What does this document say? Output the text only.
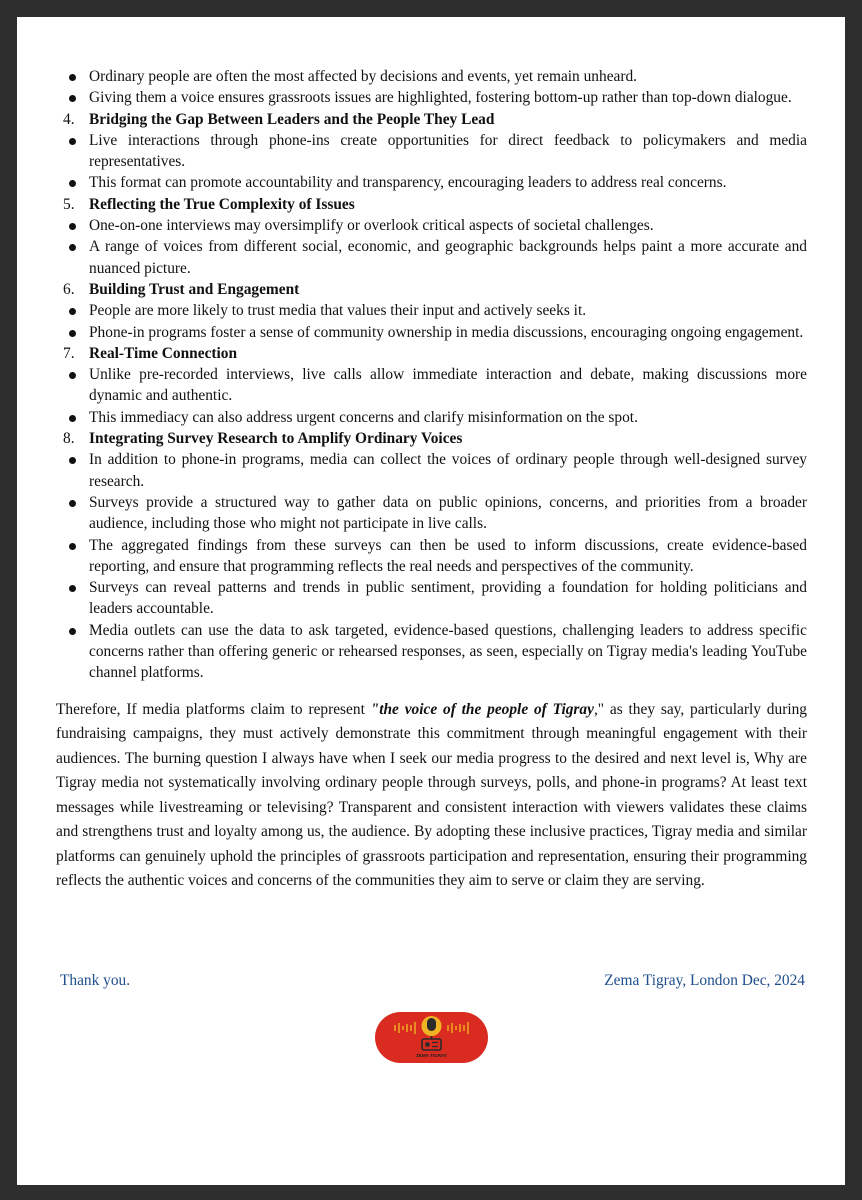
Ordinary people are often the most affected by decisions and events, yet remain unheard.
Giving them a voice ensures grassroots issues are highlighted, fostering bottom-up rather than top-down dialogue.
4. Bridging the Gap Between Leaders and the People They Lead
Live interactions through phone-ins create opportunities for direct feedback to policymakers and media representatives.
This format can promote accountability and transparency, encouraging leaders to address real concerns.
5. Reflecting the True Complexity of Issues
One-on-one interviews may oversimplify or overlook critical aspects of societal challenges.
A range of voices from different social, economic, and geographic backgrounds helps paint a more accurate and nuanced picture.
6. Building Trust and Engagement
People are more likely to trust media that values their input and actively seeks it.
Phone-in programs foster a sense of community ownership in media discussions, encouraging ongoing engagement.
7. Real-Time Connection
Unlike pre-recorded interviews, live calls allow immediate interaction and debate, making discussions more dynamic and authentic.
This immediacy can also address urgent concerns and clarify misinformation on the spot.
8. Integrating Survey Research to Amplify Ordinary Voices
In addition to phone-in programs, media can collect the voices of ordinary people through well-designed survey research.
Surveys provide a structured way to gather data on public opinions, concerns, and priorities from a broader audience, including those who might not participate in live calls.
The aggregated findings from these surveys can then be used to inform discussions, create evidence-based reporting, and ensure that programming reflects the real needs and perspectives of the community.
Surveys can reveal patterns and trends in public sentiment, providing a foundation for holding politicians and leaders accountable.
Media outlets can use the data to ask targeted, evidence-based questions, challenging leaders to address specific concerns rather than offering generic or rehearsed responses, as seen, especially on Tigray media's leading YouTube channel platforms.

Therefore, If media platforms claim to represent "the voice of the people of Tigray," as they say, particularly during fundraising campaigns, they must actively demonstrate this commitment through meaningful engagement with their audiences. The burning question I always have when I seek our media progress to the desired and next level is, Why are Tigray media not systematically involving ordinary people through surveys, polls, and phone-in programs? At least text messages while livestreaming or televising? Transparent and consistent interaction with viewers validates these claims and strengthens trust and loyalty among us, the audience. By adopting these inclusive practices, Tigray media and similar platforms can genuinely uphold the principles of grassroots participation and representation, ensuring their programming reflects the authentic voices and concerns of the communities they aim to serve or claim they are serving.

Thank you.	Zema Tigray, London Dec, 2024
ZEMA TIGRAY
